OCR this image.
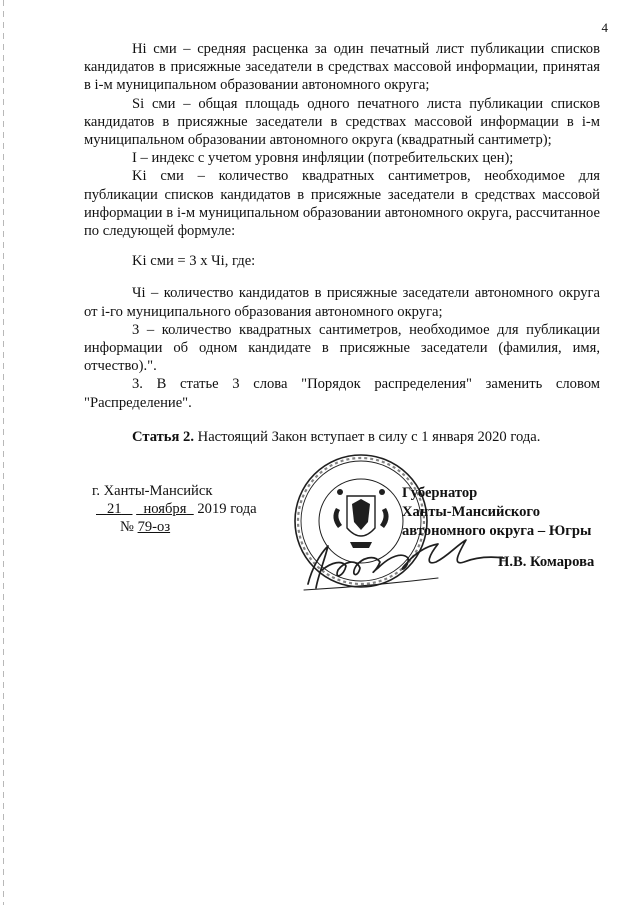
4

Hi сми – средняя расценка за один печатный лист публикации списков кандидатов в присяжные заседатели в средствах массовой информации, принятая в i-м муниципальном образовании автономного округа;

Si сми – общая площадь одного печатного листа публикации списков кандидатов в присяжные заседатели в средствах массовой информации в i-м муниципальном образовании автономного округа (квадратный сантиметр);

I – индекс с учетом уровня инфляции (потребительских цен);

Ki сми – количество квадратных сантиметров, необходимое для публикации списков кандидатов в присяжные заседатели в средствах массовой информации в i-м муниципальном образовании автономного округа, рассчитанное по следующей формуле:

Ki сми = 3 х Чi, где:

Чi – количество кандидатов в присяжные заседатели автономного округа от i-го муниципального образования автономного округа;

3 – количество квадратных сантиметров, необходимое для публикации информации об одном кандидате в присяжные заседатели (фамилия, имя, отчество).".

3. В статье 3 слова "Порядок распределения" заменить словом "Распределение".

Статья 2. Настоящий Закон вступает в силу с 1 января 2020 года.

г. Ханты-Мансийск
21 ноября   2019 года
№ 79-оз
Губернатор
Ханты-Мансийского
автономного округа – Югры
Н.В. Комарова
